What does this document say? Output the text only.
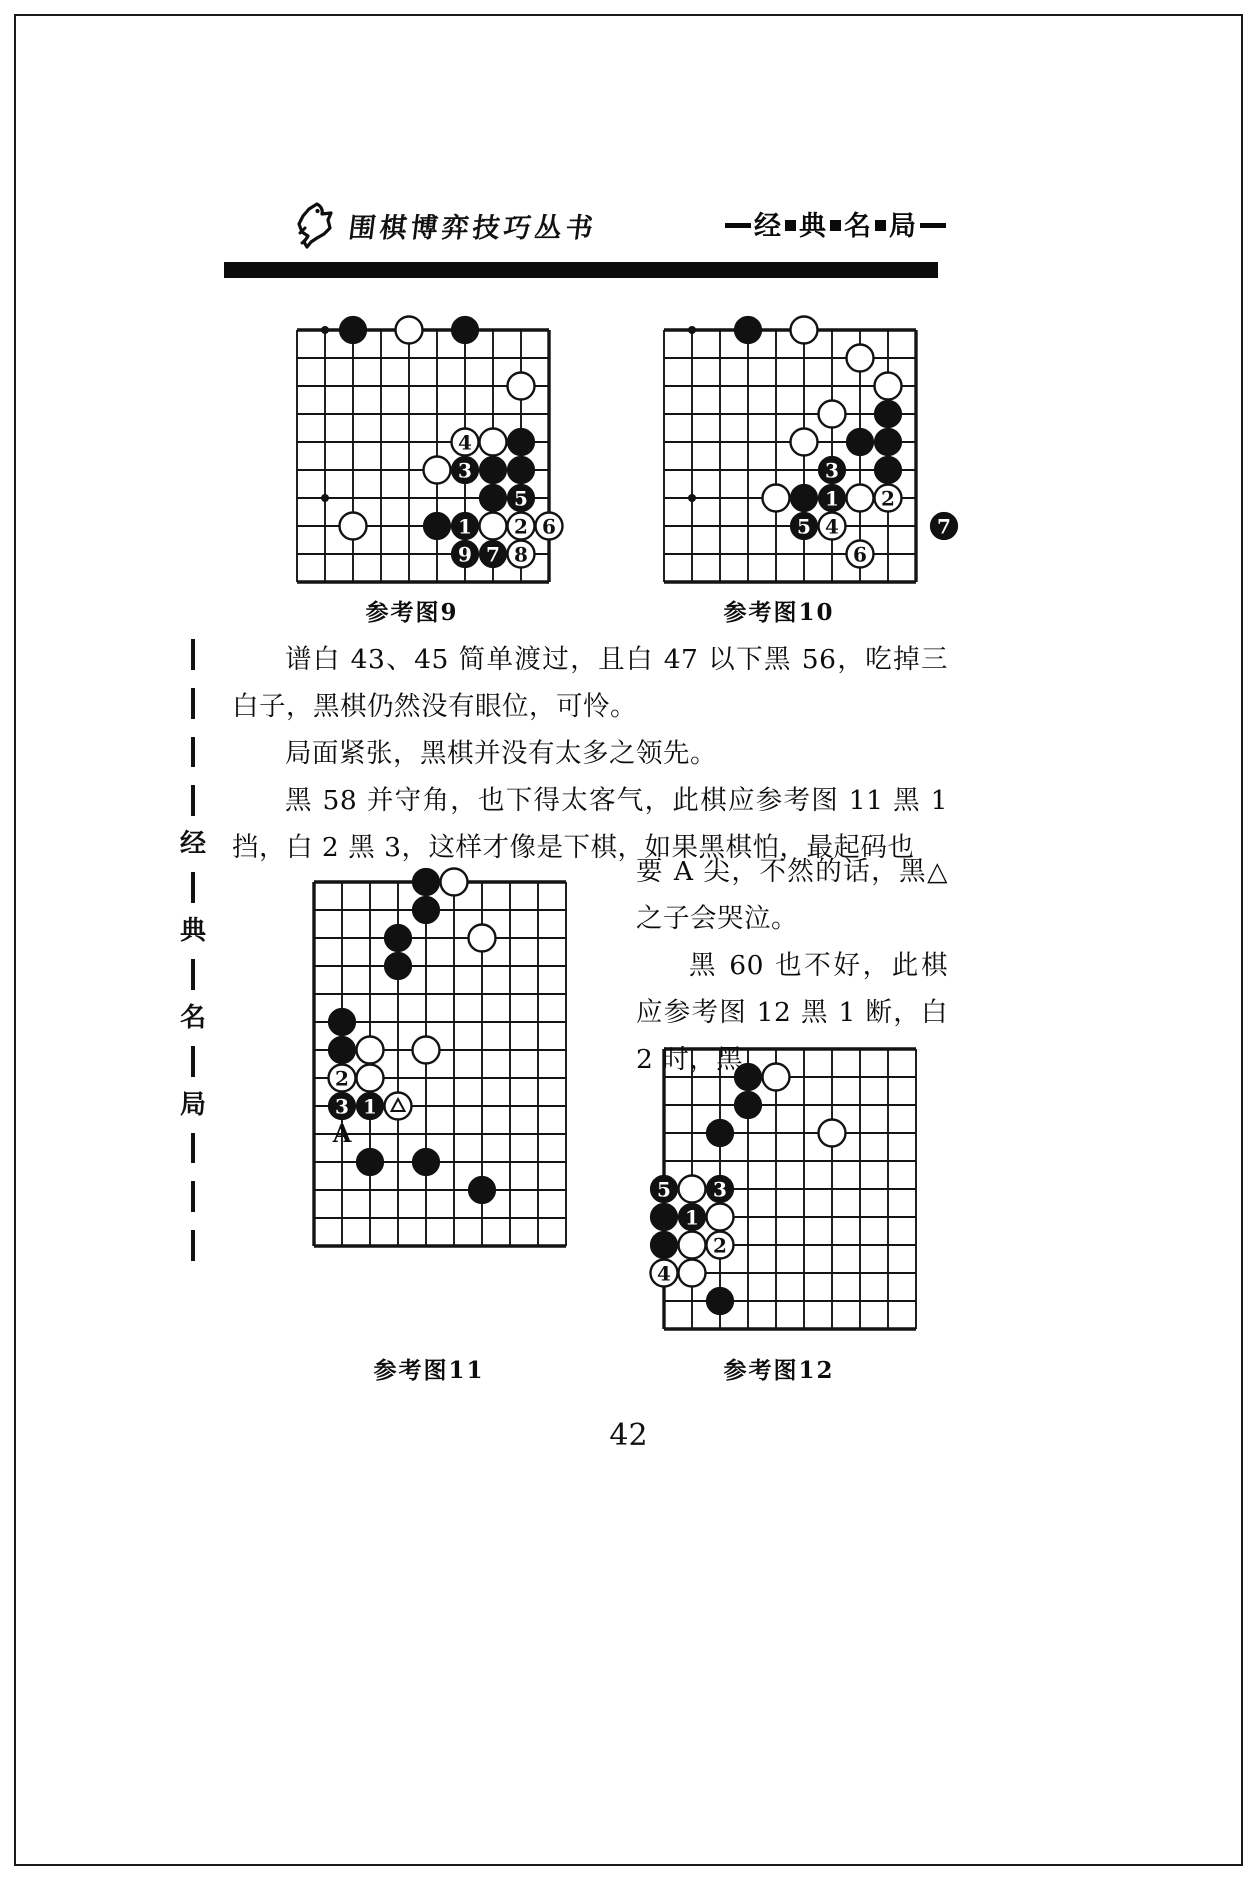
围棋博弈技巧丛书	经 典 名 局
经
典
名
局
4
3
5
1 2 6
9 7 8
参考图9
3
1 2
5 4	7
6
参考图10
A
2
3 1
参考图11
5 3
1
2
4
参考图12

谱白 43、45 简单渡过，且白 47 以下黑 56，吃掉三白子，黑棋仍然没有眼位，可怜。

局面紧张，黑棋并没有太多之领先。

黑 58 并守角，也下得太客气，此棋应参考图 11 黑 1 挡，白 2 黑 3，这样才像是下棋，如果黑棋怕，最起码也

要 A 尖，不然的话，黑△之子会哭泣。

黑 60 也不好，此棋应参考图 12 黑 1 断，白 2 时，黑

42
